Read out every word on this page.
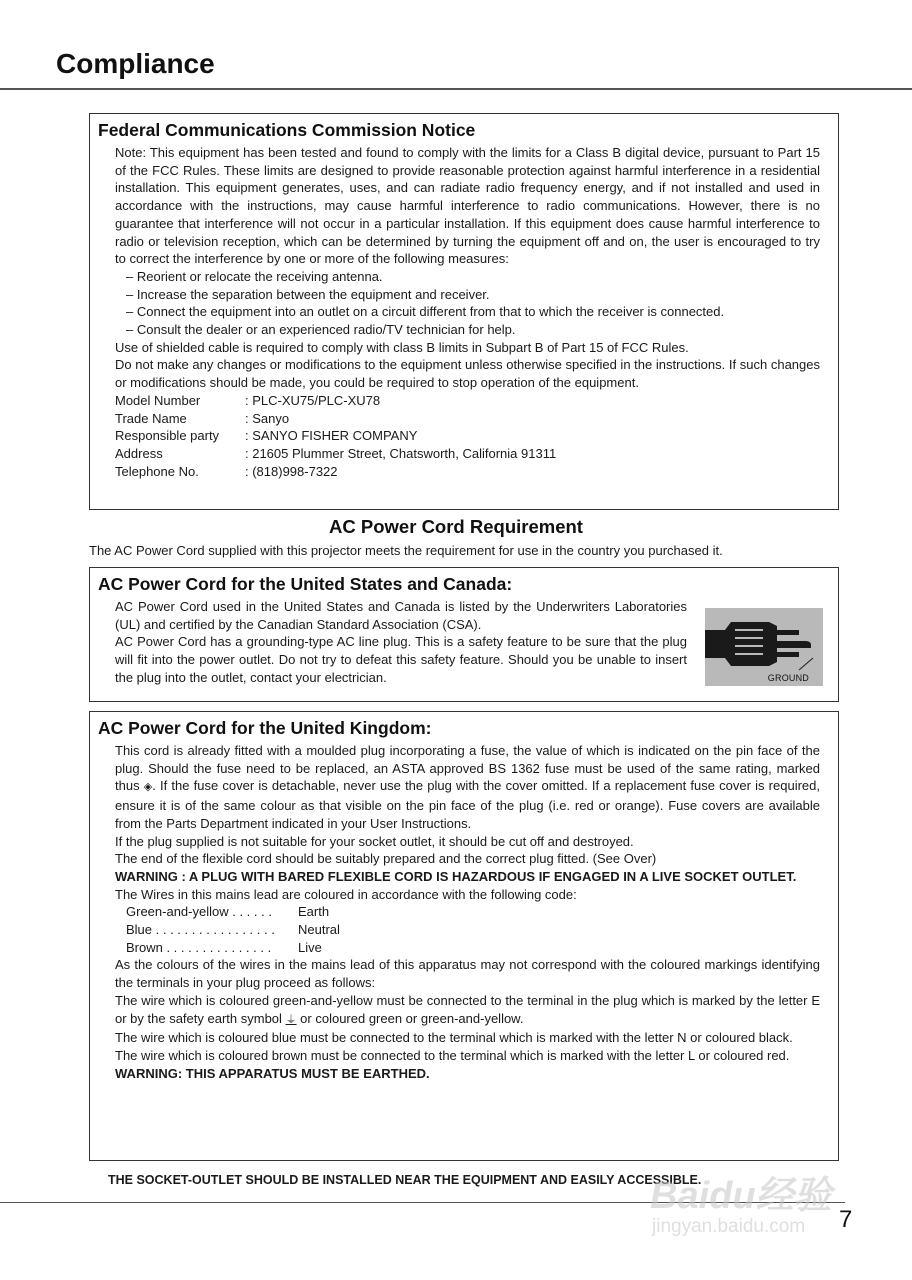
Compliance
Federal Communications Commission Notice

Note: This equipment has been tested and found to comply with the limits for a Class B digital device, pursuant to Part 15 of the FCC Rules. These limits are designed to provide reasonable protection against harmful interference in a residential installation. This equipment generates, uses, and can radiate radio frequency energy, and if not installed and used in accordance with the instructions, may cause harmful interference to radio communications. However, there is no guarantee that interference will not occur in a particular installation. If this equipment does cause harmful interference to radio or television reception, which can be determined by turning the equipment off and on, the user is encouraged to try to correct the interference by one or more of the following measures:

– Reorient or relocate the receiving antenna.

– Increase the separation between the equipment and receiver.

– Connect the equipment into an outlet on a circuit different from that to which the receiver is connected.

– Consult the dealer or an experienced radio/TV technician for help.

Use of shielded cable is required to comply with class B limits in Subpart B of Part 15 of FCC Rules.

Do not make any changes or modifications to the equipment unless otherwise specified in the instructions. If such changes or modifications should be made, you could be required to stop operation of the equipment.

Model Number	: PLC-XU75/PLC-XU78
Trade Name	: Sanyo
Responsible party	: SANYO FISHER COMPANY
Address	: 21605 Plummer Street, Chatsworth, California 91311
Telephone No.	: (818)998-7322
AC Power Cord Requirement

The AC Power Cord supplied with this projector meets the requirement for use in the country you purchased it.

AC Power Cord for the United States and Canada:

AC Power Cord used in the United States and Canada is listed by the Underwriters Laboratories (UL) and certified by the Canadian Standard Association (CSA).

AC Power Cord has a grounding-type AC line plug. This is a safety feature to be sure that the plug will fit into the power outlet. Do not try to defeat this safety feature. Should you be unable to insert the plug into the outlet, contact your electrician.	GROUND
AC Power Cord for the United Kingdom:

This cord is already fitted with a moulded plug incorporating a fuse, the value of which is indicated on the pin face of the plug. Should the fuse need to be replaced, an ASTA approved BS 1362 fuse must be used of the same rating, marked thus ◈. If the fuse cover is detachable, never use the plug with the cover omitted. If a replacement fuse cover is required, ensure it is of the same colour as that visible on the pin face of the plug (i.e. red or orange). Fuse covers are available from the Parts Department indicated in your User Instructions.

If the plug supplied is not suitable for your socket outlet, it should be cut off and destroyed.

The end of the flexible cord should be suitably prepared and the correct plug fitted. (See Over)

WARNING : A PLUG WITH BARED FLEXIBLE CORD IS HAZARDOUS IF ENGAGED IN A LIVE SOCKET OUTLET.

The Wires in this mains lead are coloured in accordance with the following code:

Green-and-yellow . . . . . .	Earth
Blue . . . . . . . . . . . . . . . . .	Neutral
Brown . . . . . . . . . . . . . . .	Live

As the colours of the wires in the mains lead of this apparatus may not correspond with the coloured markings identifying the terminals in your plug proceed as follows:

The wire which is coloured green-and-yellow must be connected to the terminal in the plug which is marked by the letter E or by the safety earth symbol ⏚ or coloured green or green-and-yellow.

The wire which is coloured blue must be connected to the terminal which is marked with the letter N or coloured black.

The wire which is coloured brown must be connected to the terminal which is marked with the letter L or coloured red.

WARNING: THIS APPARATUS MUST BE EARTHED.

THE SOCKET-OUTLET SHOULD BE INSTALLED NEAR THE EQUIPMENT AND EASILY ACCESSIBLE.

7
Baidu经验
jingyan.baidu.com
